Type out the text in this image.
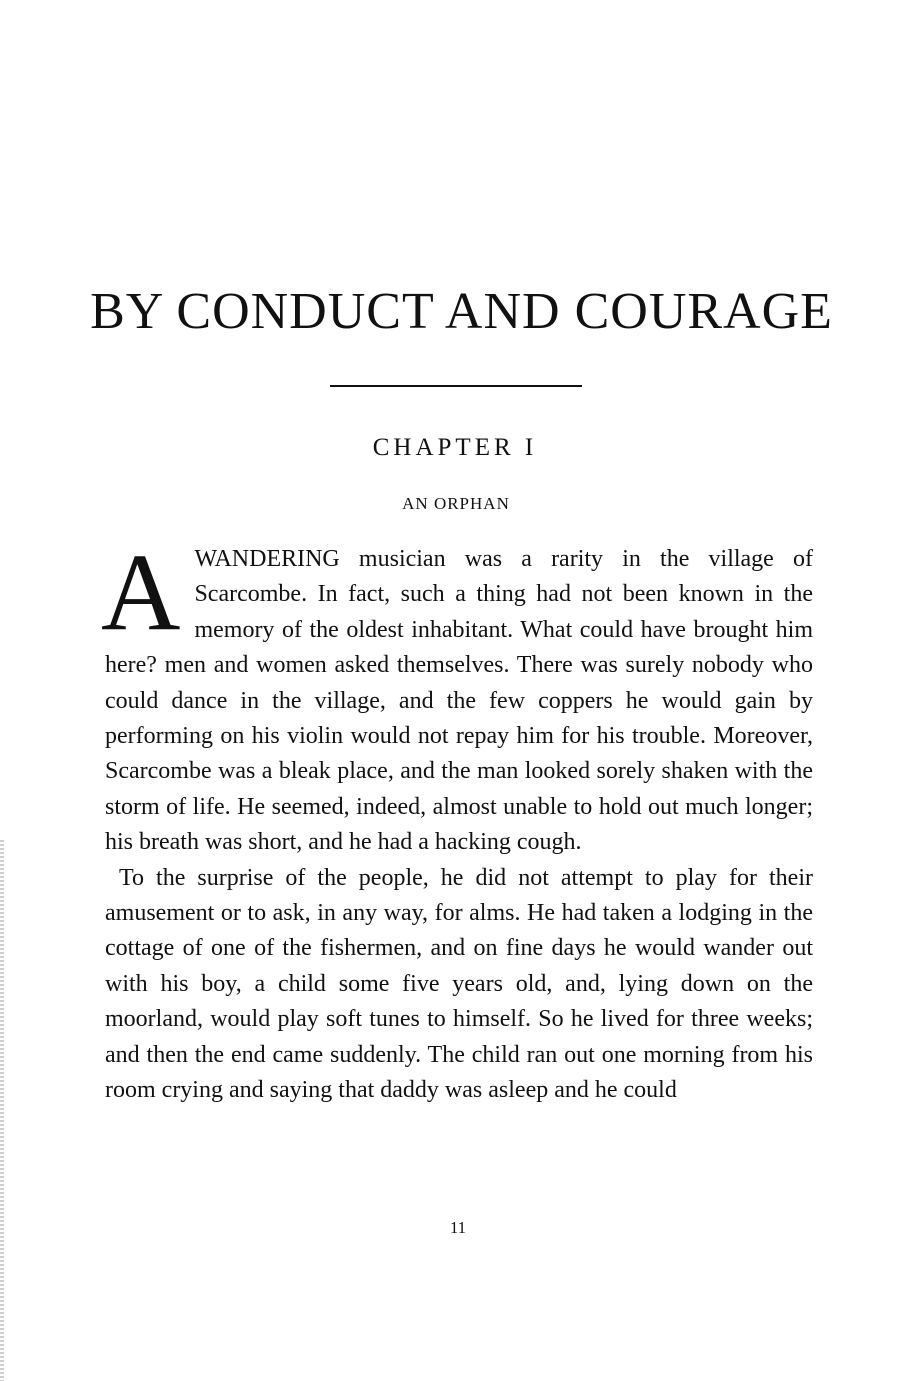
BY CONDUCT AND COURAGE
CHAPTER I
AN ORPHAN

AWANDERING musician was a rarity in the village of Scarcombe. In fact, such a thing had not been known in the memory of the oldest inhabitant. What could have brought him here? men and women asked themselves. There was surely nobody who could dance in the village, and the few coppers he would gain by performing on his violin would not repay him for his trouble. Moreover, Scarcombe was a bleak place, and the man looked sorely shaken with the storm of life. He seemed, indeed, almost unable to hold out much longer; his breath was short, and he had a hacking cough.

To the surprise of the people, he did not attempt to play for their amusement or to ask, in any way, for alms. He had taken a lodging in the cottage of one of the fishermen, and on fine days he would wander out with his boy, a child some five years old, and, lying down on the moorland, would play soft tunes to himself. So he lived for three weeks; and then the end came suddenly. The child ran out one morning from his room crying and saying that daddy was asleep and he could

11
